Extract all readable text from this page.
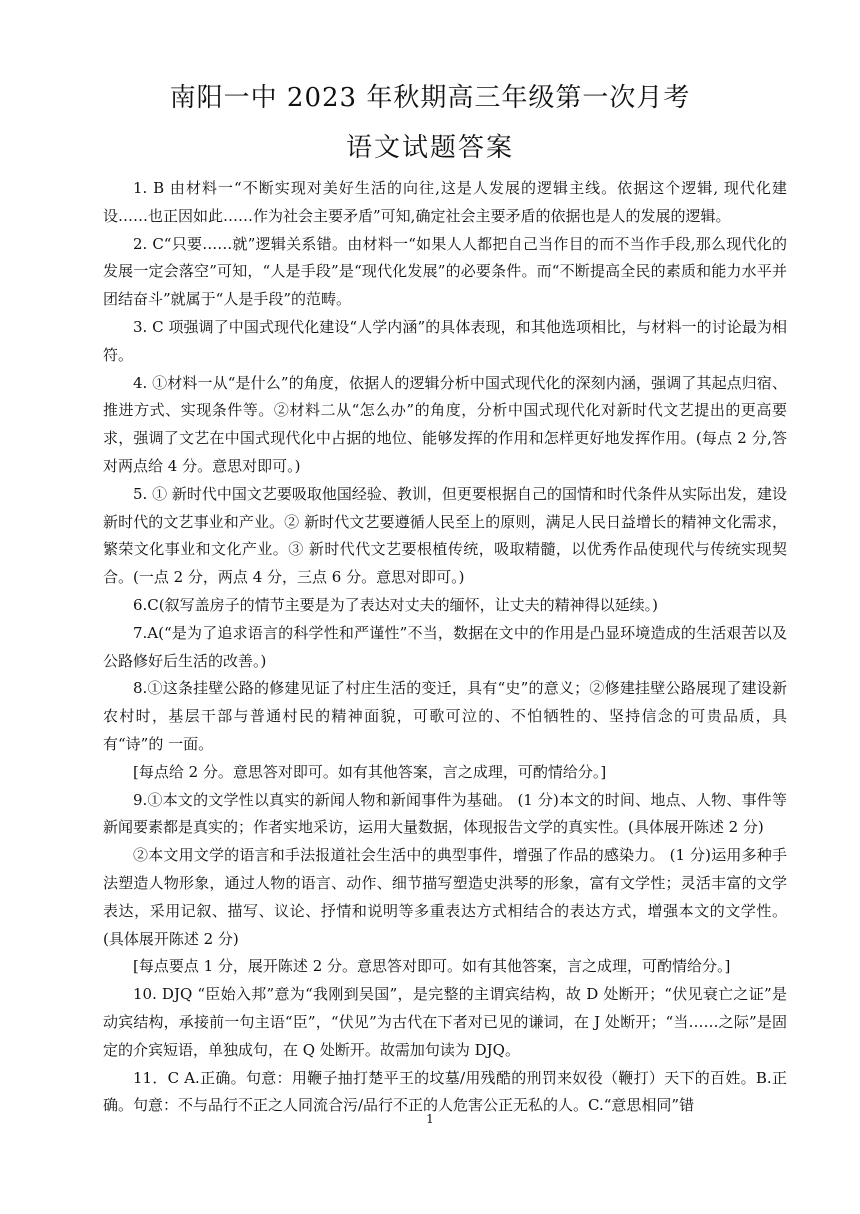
南阳一中 2023 年秋期高三年级第一次月考
语文试题答案

1. B 由材料一“不断实现对美好生活的向往,这是人发展的逻辑主线。依据这个逻辑, 现代化建设……也正因如此……作为社会主要矛盾”可知,确定社会主要矛盾的依据也是人的发展的逻辑。

2. C“只要……就”逻辑关系错。由材料一“如果人人都把自己当作目的而不当作手段,那么现代化的发展一定会落空”可知，“人是手段”是“现代化发展”的必要条件。而“不断提高全民的素质和能力水平并团结奋斗”就属于“人是手段”的范畴。

3. C 项强调了中国式现代化建设“人学内涵”的具体表现，和其他选项相比，与材料一的讨论最为相符。

4. ①材料一从“是什么”的角度，依据人的逻辑分析中国式现代化的深刻内涵，强调了其起点归宿、推进方式、实现条件等。②材料二从“怎么办”的角度，分析中国式现代化对新时代文艺提出的更高要求，强调了文艺在中国式现代化中占据的地位、能够发挥的作用和怎样更好地发挥作用。(每点 2 分,答对两点给 4 分。意思对即可。)

5. ① 新时代中国文艺要吸取他国经验、教训，但更要根据自己的国情和时代条件从实际出发，建设新时代的文艺事业和产业。② 新时代文艺要遵循人民至上的原则，满足人民日益增长的精神文化需求，繁荣文化事业和文化产业。③ 新时代代文艺要根植传统，吸取精髓，以优秀作品使现代与传统实现契合。(一点 2 分，两点 4 分，三点 6 分。意思对即可。)

6.C(叙写盖房子的情节主要是为了表达对丈夫的缅怀，让丈夫的精神得以延续。)

7.A(“是为了追求语言的科学性和严谨性”不当，数据在文中的作用是凸显环境造成的生活艰苦以及公路修好后生活的改善。)

8.①这条挂壁公路的修建见证了村庄生活的变迁，具有“史”的意义；②修建挂壁公路展现了建设新农村时，基层干部与普通村民的精神面貌，可歌可泣的、不怕牺牲的、坚持信念的可贵品质，具有“诗”的 一面。

[每点给 2 分。意思答对即可。如有其他答案，言之成理，可酌情给分。]

9.①本文的文学性以真实的新闻人物和新闻事件为基础。 (1 分)本文的时间、地点、人物、事件等新闻要素都是真实的；作者实地采访，运用大量数据，体现报告文学的真实性。(具体展开陈述 2 分)

②本文用文学的语言和手法报道社会生活中的典型事件，增强了作品的感染力。 (1 分)运用多种手法塑造人物形象，通过人物的语言、动作、细节描写塑造史洪琴的形象，富有文学性；灵活丰富的文学表达，采用记叙、描写、议论、抒情和说明等多重表达方式相结合的表达方式，增强本文的文学性。 (具体展开陈述 2 分)

[每点要点 1 分，展开陈述 2 分。意思答对即可。如有其他答案，言之成理，可酌情给分。]

10. DJQ “臣始入邦”意为“我刚到吴国”，是完整的主谓宾结构，故 D 处断开；“伏见衰亡之证”是动宾结构，承接前一句主语“臣”，“伏见”为古代在下者对已见的谦词，在 J 处断开；“当……之际”是固定的介宾短语，单独成句，在 Q 处断开。故需加句读为 DJQ。

11．C A.正确。句意：用鞭子抽打楚平王的坟墓/用残酷的刑罚来奴役（鞭打）天下的百姓。B.正确。句意：不与品行不正之人同流合污/品行不正的人危害公正无私的人。C.“意思相同”错

1
